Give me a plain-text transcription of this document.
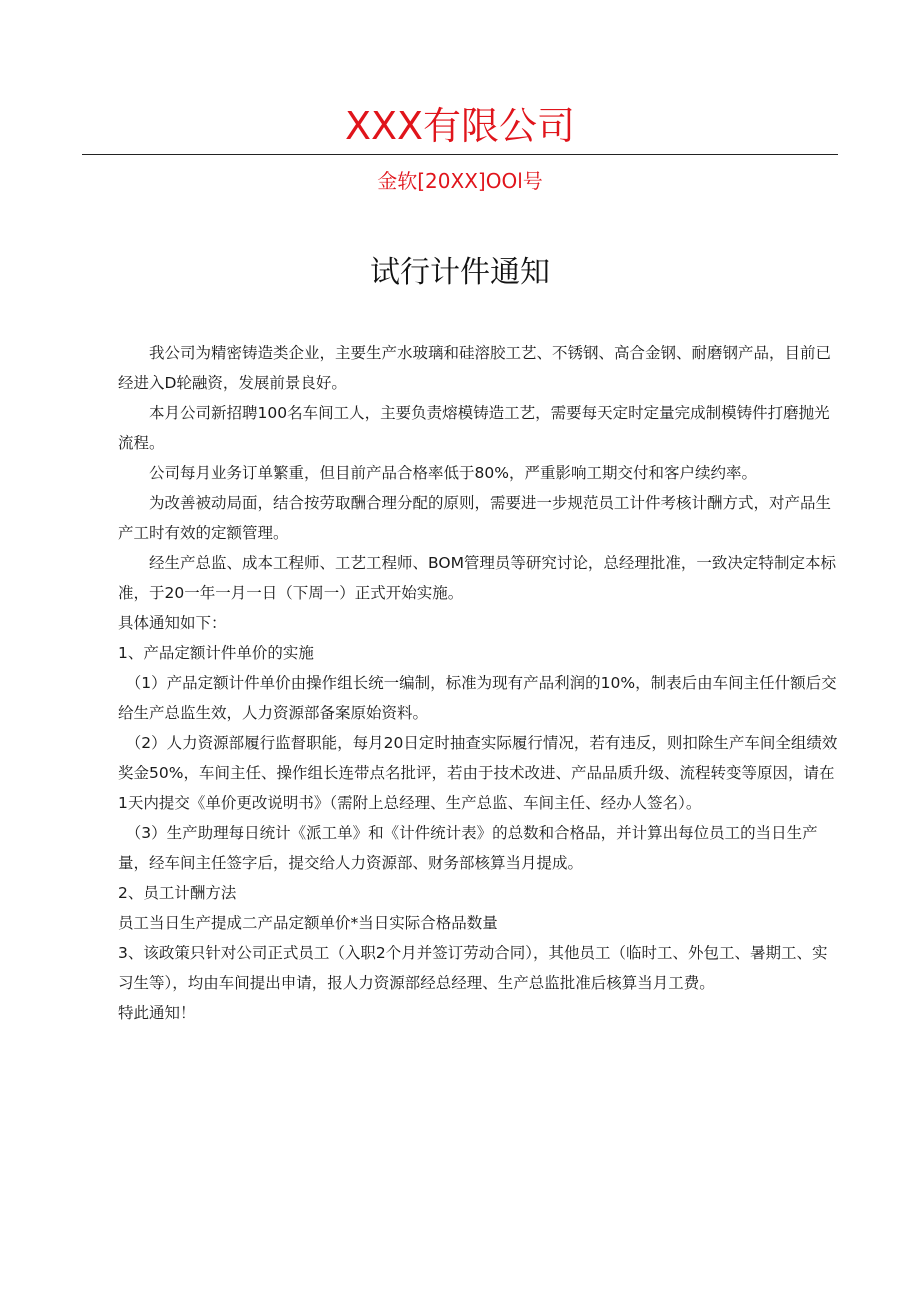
XXX有限公司
金软[20XX]OOl号
试行计件通知

我公司为精密铸造类企业，主要生产水玻璃和硅溶胶工艺、不锈钢、高合金钢、耐磨钢产品，目前已经进入D轮融资，发展前景良好。

本月公司新招聘100名车间工人，主要负责熔模铸造工艺，需要每天定时定量完成制模铸件打磨抛光流程。

公司每月业务订单繁重，但目前产品合格率低于80%，严重影响工期交付和客户续约率。

为改善被动局面，结合按劳取酬合理分配的原则，需要进一步规范员工计件考核计酬方式，对产品生产工时有效的定额管理。

经生产总监、成本工程师、工艺工程师、BOM管理员等研究讨论，总经理批准，一致决定特制定本标准，于20一年一月一日（下周一）正式开始实施。

具体通知如下：

1、产品定额计件单价的实施

（1）产品定额计件单价由操作组长统一编制，标准为现有产品利润的10%，制表后由车间主任什额后交给生产总监生效，人力资源部备案原始资料。

（2）人力资源部履行监督职能，每月20日定时抽查实际履行情况，若有违反，则扣除生产车间全组绩效奖金50%，车间主任、操作组长连带点名批评，若由于技术改进、产品品质升级、流程转变等原因，请在1天内提交《单价更改说明书》（需附上总经理、生产总监、车间主任、经办人签名）。

（3）生产助理每日统计《派工单》和《计件统计表》的总数和合格品，并计算出每位员工的当日生产量，经车间主任签字后，提交给人力资源部、财务部核算当月提成。

2、员工计酬方法

员工当日生产提成二产品定额单价*当日实际合格品数量

3、该政策只针对公司正式员工（入职2个月并签订劳动合同），其他员工（临时工、外包工、暑期工、实习生等），均由车间提出申请，报人力资源部经总经理、生产总监批准后核算当月工费。

特此通知！
